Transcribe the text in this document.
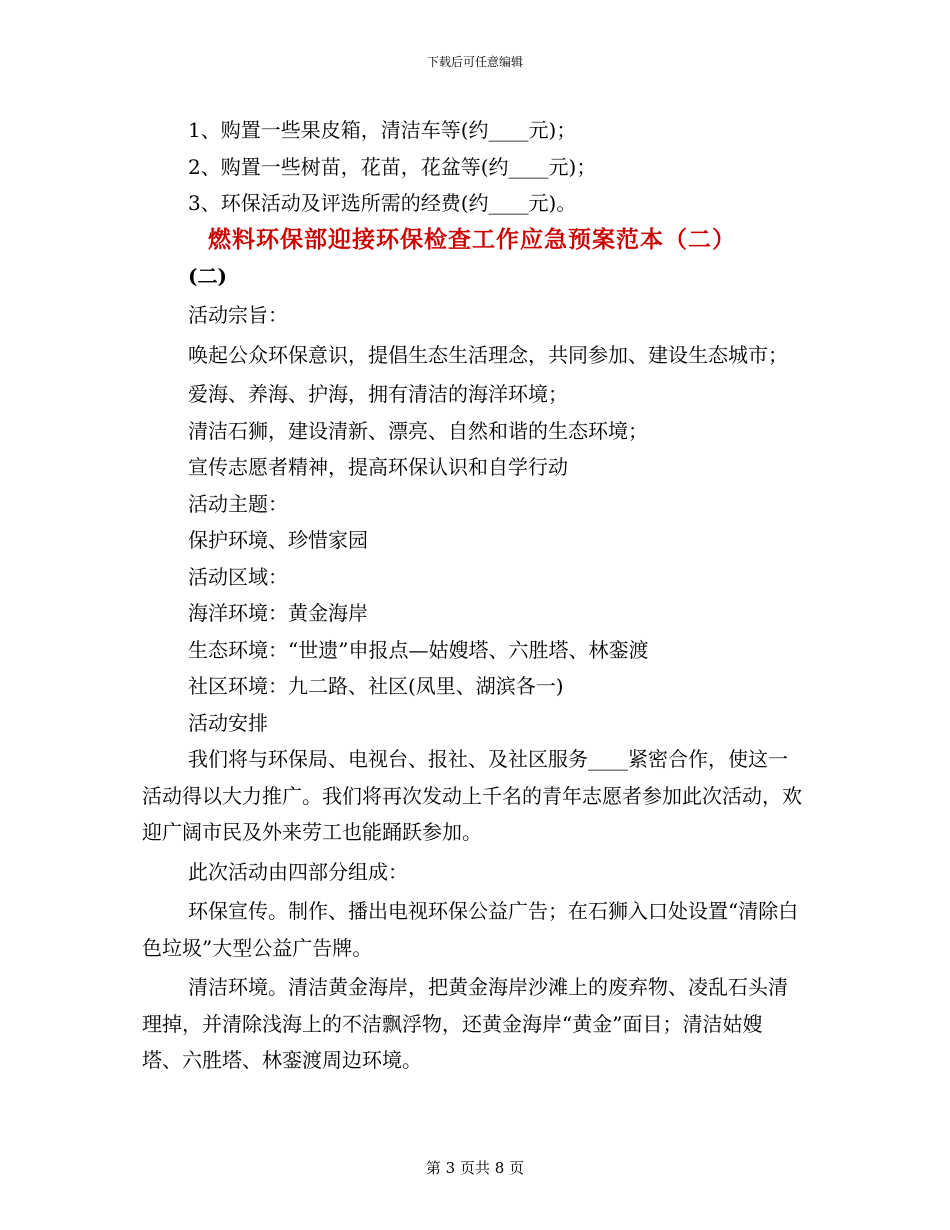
下载后可任意编辑

1、购置一些果皮箱，清洁车等(约____元)；

2、购置一些树苗，花苗，花盆等(约____元)；

3、环保活动及评选所需的经费(约____元)。

燃料环保部迎接环保检查工作应急预案范本（二）

(二)

活动宗旨：

唤起公众环保意识，提倡生态生活理念，共同参加、建设生态城市；

爱海、养海、护海，拥有清洁的海洋环境；

清洁石狮，建设清新、漂亮、自然和谐的生态环境；

宣传志愿者精神，提高环保认识和自学行动

活动主题：

保护环境、珍惜家园

活动区域：

海洋环境：黄金海岸

生态环境：“世遗”申报点—姑嫂塔、六胜塔、林銮渡

社区环境：九二路、社区(凤里、湖滨各一)

活动安排

我们将与环保局、电视台、报社、及社区服务____紧密合作，使这一活动得以大力推广。我们将再次发动上千名的青年志愿者参加此次活动，欢迎广阔市民及外来劳工也能踊跃参加。

此次活动由四部分组成：

环保宣传。制作、播出电视环保公益广告；在石狮入口处设置“清除白色垃圾”大型公益广告牌。

清洁环境。清洁黄金海岸，把黄金海岸沙滩上的废弃物、凌乱石头清理掉，并清除浅海上的不洁飘浮物，还黄金海岸“黄金”面目；清洁姑嫂塔、六胜塔、林銮渡周边环境。

第 3 页共 8 页
